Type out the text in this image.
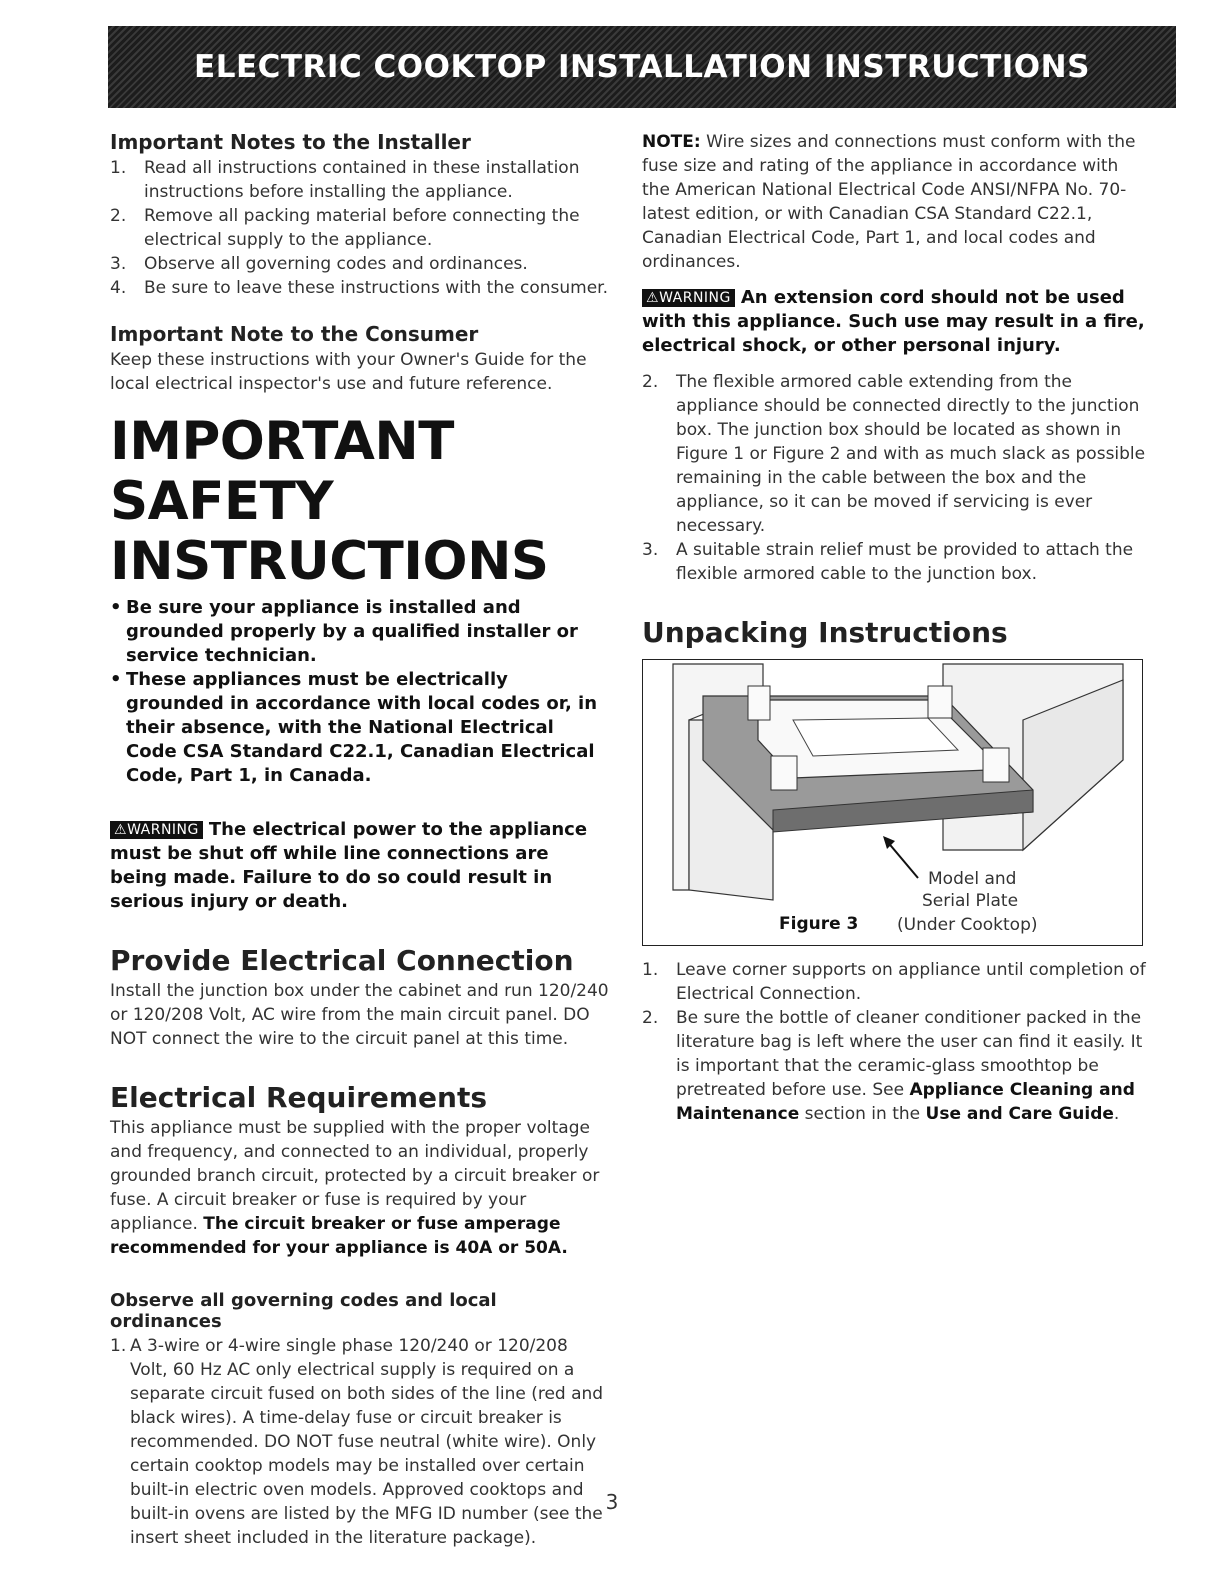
ELECTRIC COOKTOP INSTALLATION INSTRUCTIONS
Important Notes to the Installer
1. Read all instructions contained in these installation instructions before installing the appliance.
2. Remove all packing material before connecting the electrical supply to the appliance.
3. Observe all governing codes and ordinances.
4. Be sure to leave these instructions with the consumer.
Important Note to the Consumer
Keep these instructions with your Owner's Guide for the local electrical inspector's use and future reference.
IMPORTANT SAFETY
INSTRUCTIONS
• Be sure your appliance is installed and grounded properly by a qualified installer or service technician.
• These appliances must be electrically grounded in accordance with local codes or, in their absence, with the National Electrical Code CSA Standard C22.1, Canadian Electrical Code, Part 1, in Canada.
⚠WARNING The electrical power to the appliance must be shut off while line connections are being made. Failure to do so could result in serious injury or death.
Provide Electrical Connection
Install the junction box under the cabinet and run 120/240 or 120/208 Volt, AC wire from the main circuit panel. DO NOT connect the wire to the circuit panel at this time.
Electrical Requirements
This appliance must be supplied with the proper voltage and frequency, and connected to an individual, properly grounded branch circuit, protected by a circuit breaker or fuse. A circuit breaker or fuse is required by your appliance. The circuit breaker or fuse amperage recommended for your appliance is 40A or 50A.
Observe all governing codes and local ordinances
1. A 3-wire or 4-wire single phase 120/240 or 120/208 Volt, 60 Hz AC only electrical supply is required on a separate circuit fused on both sides of the line (red and black wires). A time-delay fuse or circuit breaker is recommended. DO NOT fuse neutral (white wire). Only certain cooktop models may be installed over certain built-in electric oven models. Approved cooktops and built-in ovens are listed by the MFG ID number (see the insert sheet included in the literature package).
NOTE: Wire sizes and connections must conform with the fuse size and rating of the appliance in accordance with the American National Electrical Code ANSI/NFPA No. 70-latest edition, or with Canadian CSA Standard C22.1, Canadian Electrical Code, Part 1, and local codes and ordinances.
⚠WARNING An extension cord should not be used with this appliance. Such use may result in a fire, electrical shock, or other personal injury.
2. The flexible armored cable extending from the appliance should be connected directly to the junction box. The junction box should be located as shown in Figure 1 or Figure 2 and with as much slack as possible remaining in the cable between the box and the appliance, so it can be moved if servicing is ever necessary.
3. A suitable strain relief must be provided to attach the flexible armored cable to the junction box.
Unpacking Instructions
Model and
Serial Plate
Figure 3 (Under Cooktop)
1. Leave corner supports on appliance until completion of Electrical Connection.
2. Be sure the bottle of cleaner conditioner packed in the literature bag is left where the user can find it easily. It is important that the ceramic-glass smoothtop be pretreated before use. See Appliance Cleaning and Maintenance section in the Use and Care Guide.
3
